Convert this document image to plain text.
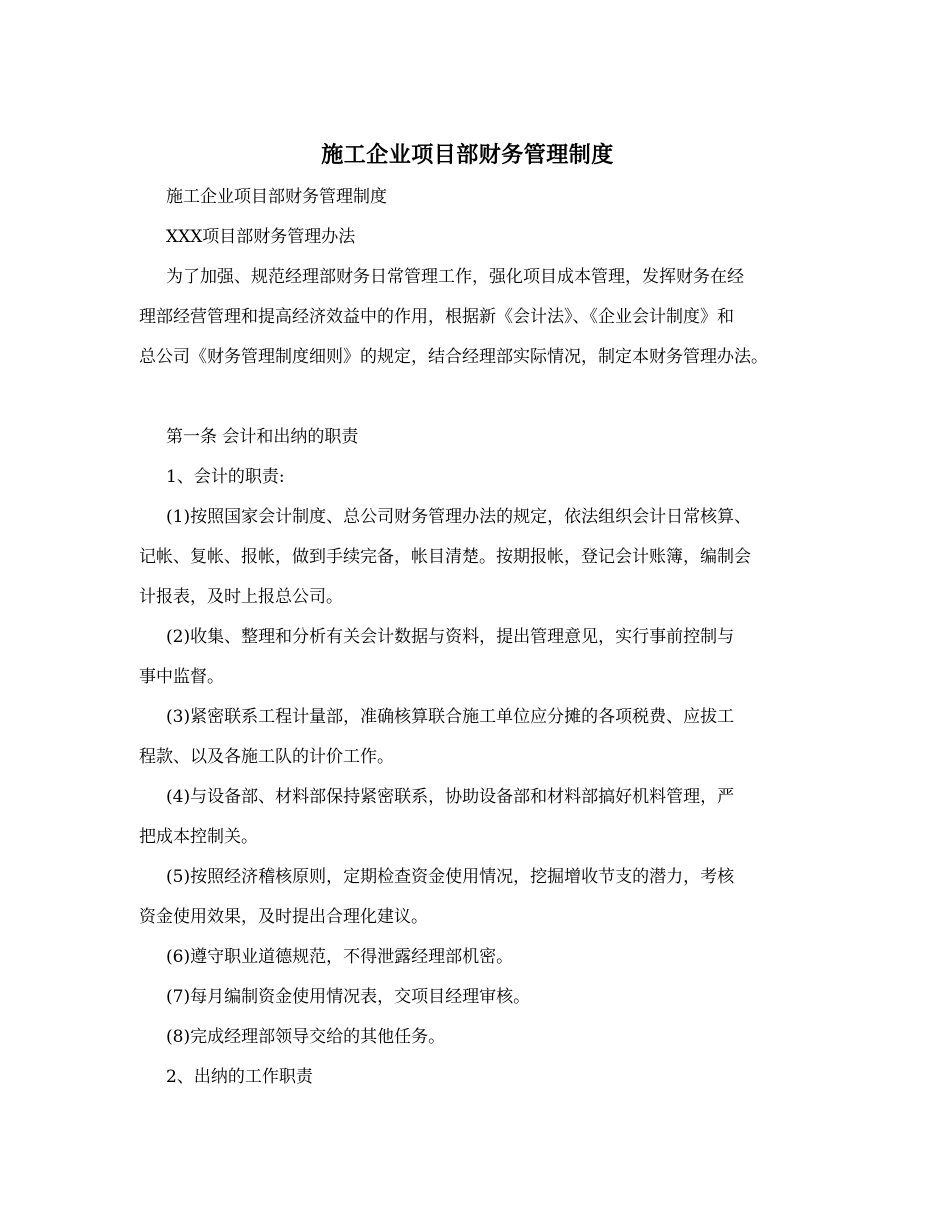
施工企业项目部财务管理制度
施工企业项目部财务管理制度
XXX项目部财务管理办法
为了加强、规范经理部财务日常管理工作，强化项目成本管理，发挥财务在经
理部经营管理和提高经济效益中的作用，根据新《会计法》、《企业会计制度》和
总公司《财务管理制度细则》的规定，结合经理部实际情况，制定本财务管理办法。
第一条 会计和出纳的职责
1、会计的职责:
(1)按照国家会计制度、总公司财务管理办法的规定，依法组织会计日常核算、
记帐、复帐、报帐，做到手续完备，帐目清楚。按期报帐，登记会计账簿，编制会
计报表，及时上报总公司。
(2)收集、整理和分析有关会计数据与资料，提出管理意见，实行事前控制与
事中监督。
(3)紧密联系工程计量部，准确核算联合施工单位应分摊的各项税费、应拔工
程款、以及各施工队的计价工作。
(4)与设备部、材料部保持紧密联系，协助设备部和材料部搞好机料管理，严
把成本控制关。
(5)按照经济稽核原则，定期检查资金使用情况，挖掘增收节支的潜力，考核
资金使用效果，及时提出合理化建议。
(6)遵守职业道德规范，不得泄露经理部机密。
(7)每月编制资金使用情况表，交项目经理审核。
(8)完成经理部领导交给的其他任务。
2、出纳的工作职责
